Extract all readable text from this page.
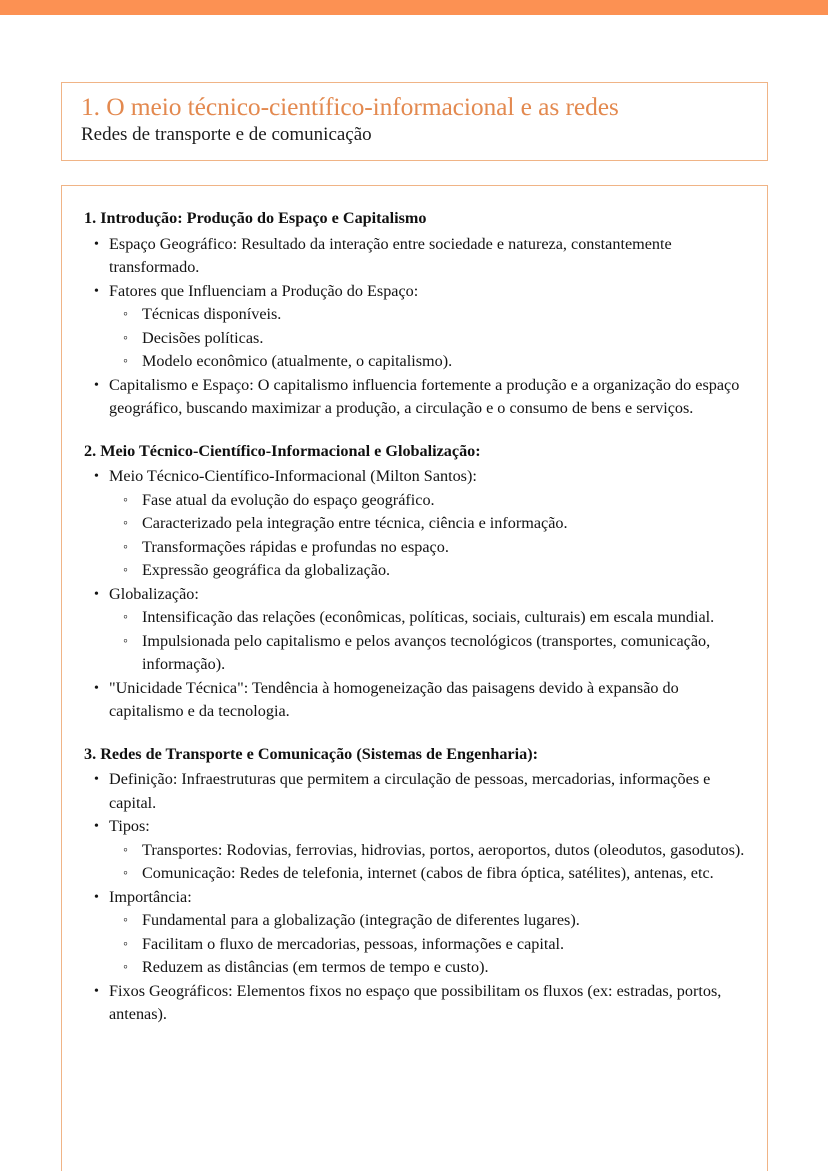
1. O meio técnico-científico-informacional e as redes
Redes de transporte e de comunicação
1. Introdução: Produção do Espaço e Capitalismo
• Espaço Geográfico: Resultado da interação entre sociedade e natureza, constantemente transformado.
• Fatores que Influenciam a Produção do Espaço:
◦ Técnicas disponíveis.
◦ Decisões políticas.
◦ Modelo econômico (atualmente, o capitalismo).
• Capitalismo e Espaço: O capitalismo influencia fortemente a produção e a organização do espaço geográfico, buscando maximizar a produção, a circulação e o consumo de bens e serviços.
2. Meio Técnico-Científico-Informacional e Globalização:
• Meio Técnico-Científico-Informacional (Milton Santos):
◦ Fase atual da evolução do espaço geográfico.
◦ Caracterizado pela integração entre técnica, ciência e informação.
◦ Transformações rápidas e profundas no espaço.
◦ Expressão geográfica da globalização.
• Globalização:
◦ Intensificação das relações (econômicas, políticas, sociais, culturais) em escala mundial.
◦ Impulsionada pelo capitalismo e pelos avanços tecnológicos (transportes, comunicação, informação).
• "Unicidade Técnica": Tendência à homogeneização das paisagens devido à expansão do capitalismo e da tecnologia.
3. Redes de Transporte e Comunicação (Sistemas de Engenharia):
• Definição: Infraestruturas que permitem a circulação de pessoas, mercadorias, informações e capital.
• Tipos:
◦ Transportes: Rodovias, ferrovias, hidrovias, portos, aeroportos, dutos (oleodutos, gasodutos).
◦ Comunicação: Redes de telefonia, internet (cabos de fibra óptica, satélites), antenas, etc.
• Importância:
◦ Fundamental para a globalização (integração de diferentes lugares).
◦ Facilitam o fluxo de mercadorias, pessoas, informações e capital.
◦ Reduzem as distâncias (em termos de tempo e custo).
• Fixos Geográficos: Elementos fixos no espaço que possibilitam os fluxos (ex: estradas, portos, antenas).
